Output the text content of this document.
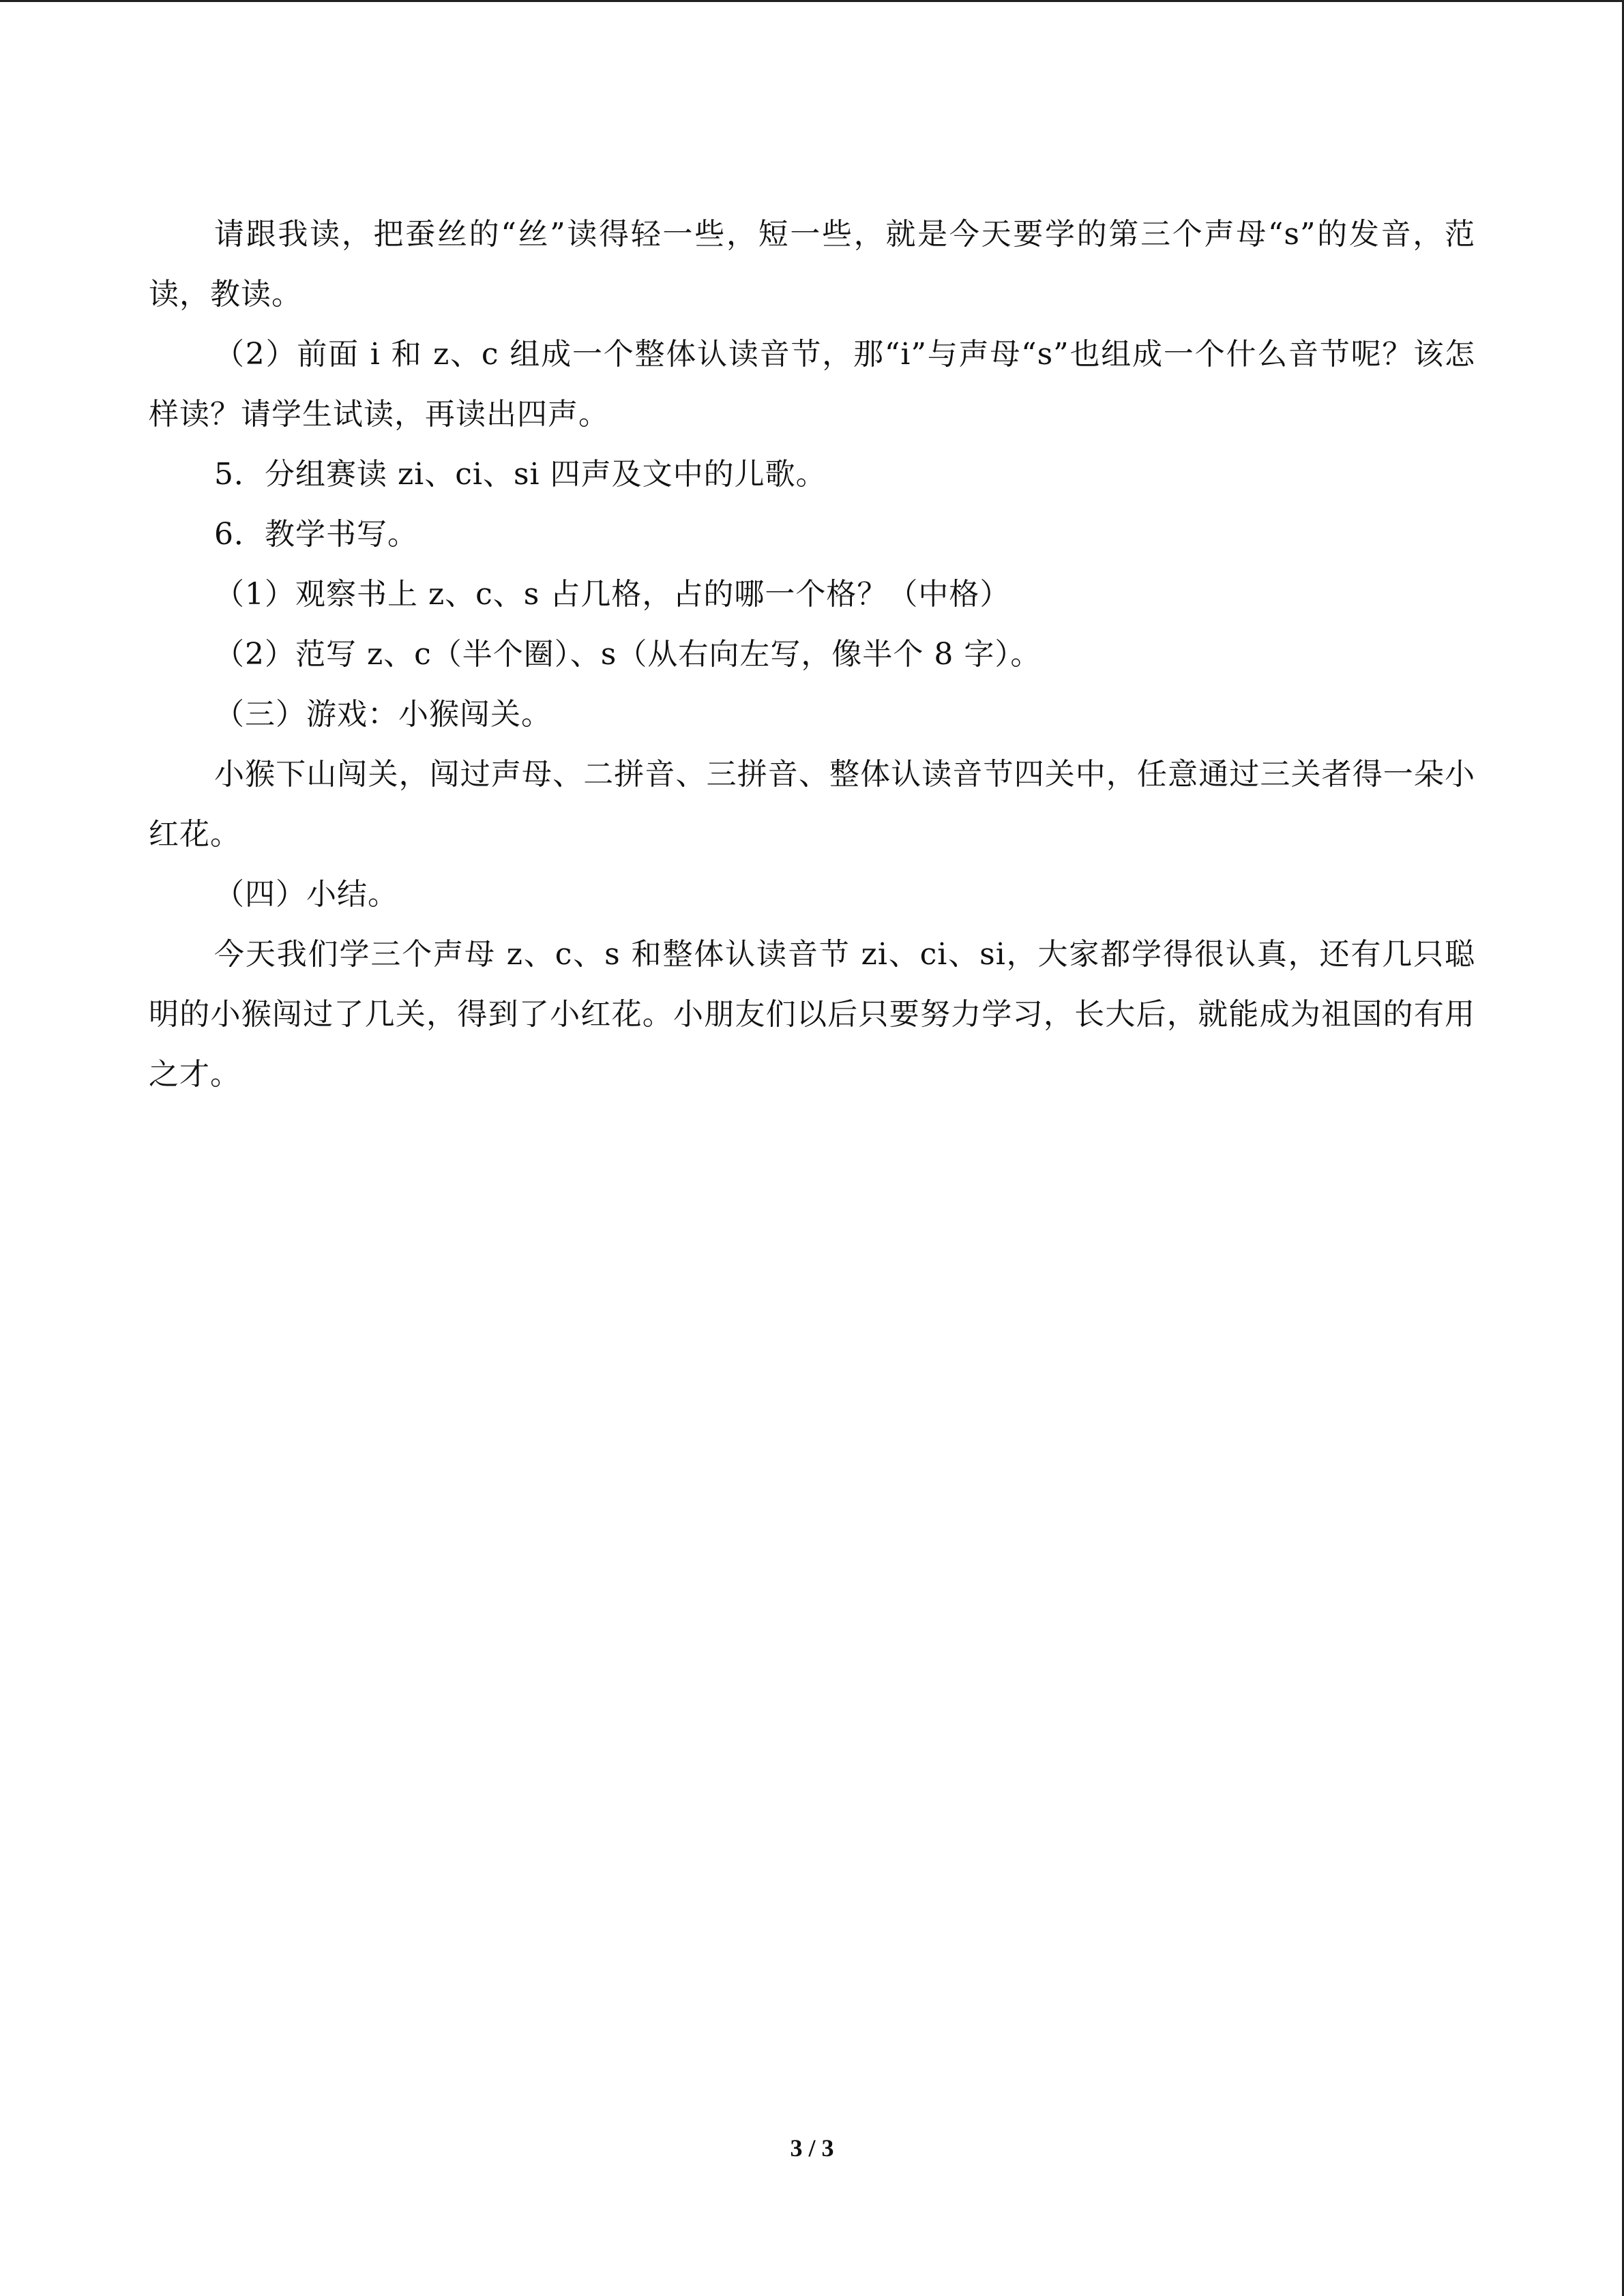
请跟我读，把蚕丝的“丝”读得轻一些，短一些，就是今天要学的第三个声母“s”的发音，范读，教读。

（2）前面 i 和 z、c 组成一个整体认读音节，那“i”与声母“s”也组成一个什么音节呢？该怎样读？请学生试读，再读出四声。

5．分组赛读 zi、ci、si 四声及文中的儿歌。

6．教学书写。

（1）观察书上 z、c、s 占几格，占的哪一个格？（中格）

（2）范写 z、c（半个圈）、s（从右向左写，像半个 8 字）。

（三）游戏：小猴闯关。

小猴下山闯关，闯过声母、二拼音、三拼音、整体认读音节四关中，任意通过三关者得一朵小红花。

（四）小结。

今天我们学三个声母 z、c、s 和整体认读音节 zi、ci、si，大家都学得很认真，还有几只聪明的小猴闯过了几关，得到了小红花。小朋友们以后只要努力学习，长大后，就能成为祖国的有用之才。

3 / 3
